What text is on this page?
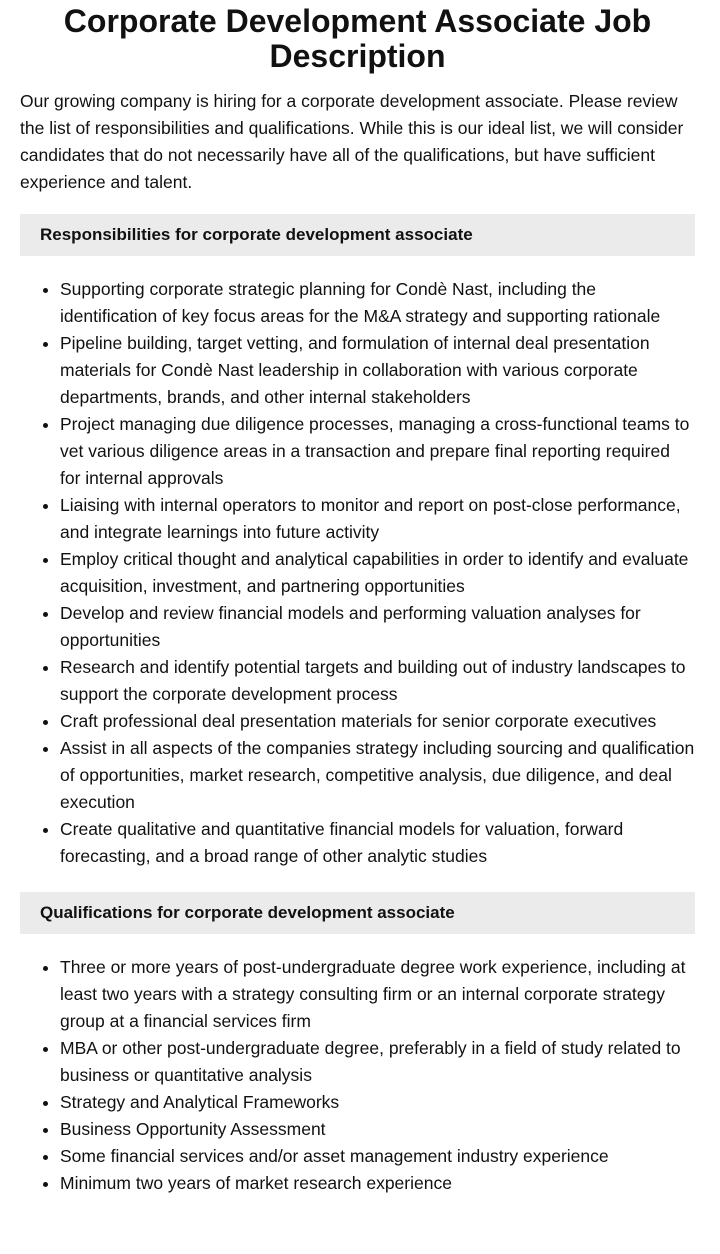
Corporate Development Associate Job Description

Our growing company is hiring for a corporate development associate. Please review the list of responsibilities and qualifications. While this is our ideal list, we will consider candidates that do not necessarily have all of the qualifications, but have sufficient experience and talent.

Responsibilities for corporate development associate
• Supporting corporate strategic planning for Condè Nast, including the identification of key focus areas for the M&A strategy and supporting rationale
• Pipeline building, target vetting, and formulation of internal deal presentation materials for Condè Nast leadership in collaboration with various corporate departments, brands, and other internal stakeholders
• Project managing due diligence processes, managing a cross-functional teams to vet various diligence areas in a transaction and prepare final reporting required for internal approvals
• Liaising with internal operators to monitor and report on post-close performance, and integrate learnings into future activity
• Employ critical thought and analytical capabilities in order to identify and evaluate acquisition, investment, and partnering opportunities
• Develop and review financial models and performing valuation analyses for opportunities
• Research and identify potential targets and building out of industry landscapes to support the corporate development process
• Craft professional deal presentation materials for senior corporate executives
• Assist in all aspects of the companies strategy including sourcing and qualification of opportunities, market research, competitive analysis, due diligence, and deal execution
• Create qualitative and quantitative financial models for valuation, forward forecasting, and a broad range of other analytic studies
Qualifications for corporate development associate
• Three or more years of post-undergraduate degree work experience, including at least two years with a strategy consulting firm or an internal corporate strategy group at a financial services firm
• MBA or other post-undergraduate degree, preferably in a field of study related to business or quantitative analysis
• Strategy and Analytical Frameworks
• Business Opportunity Assessment
• Some financial services and/or asset management industry experience
• Minimum two years of market research experience
